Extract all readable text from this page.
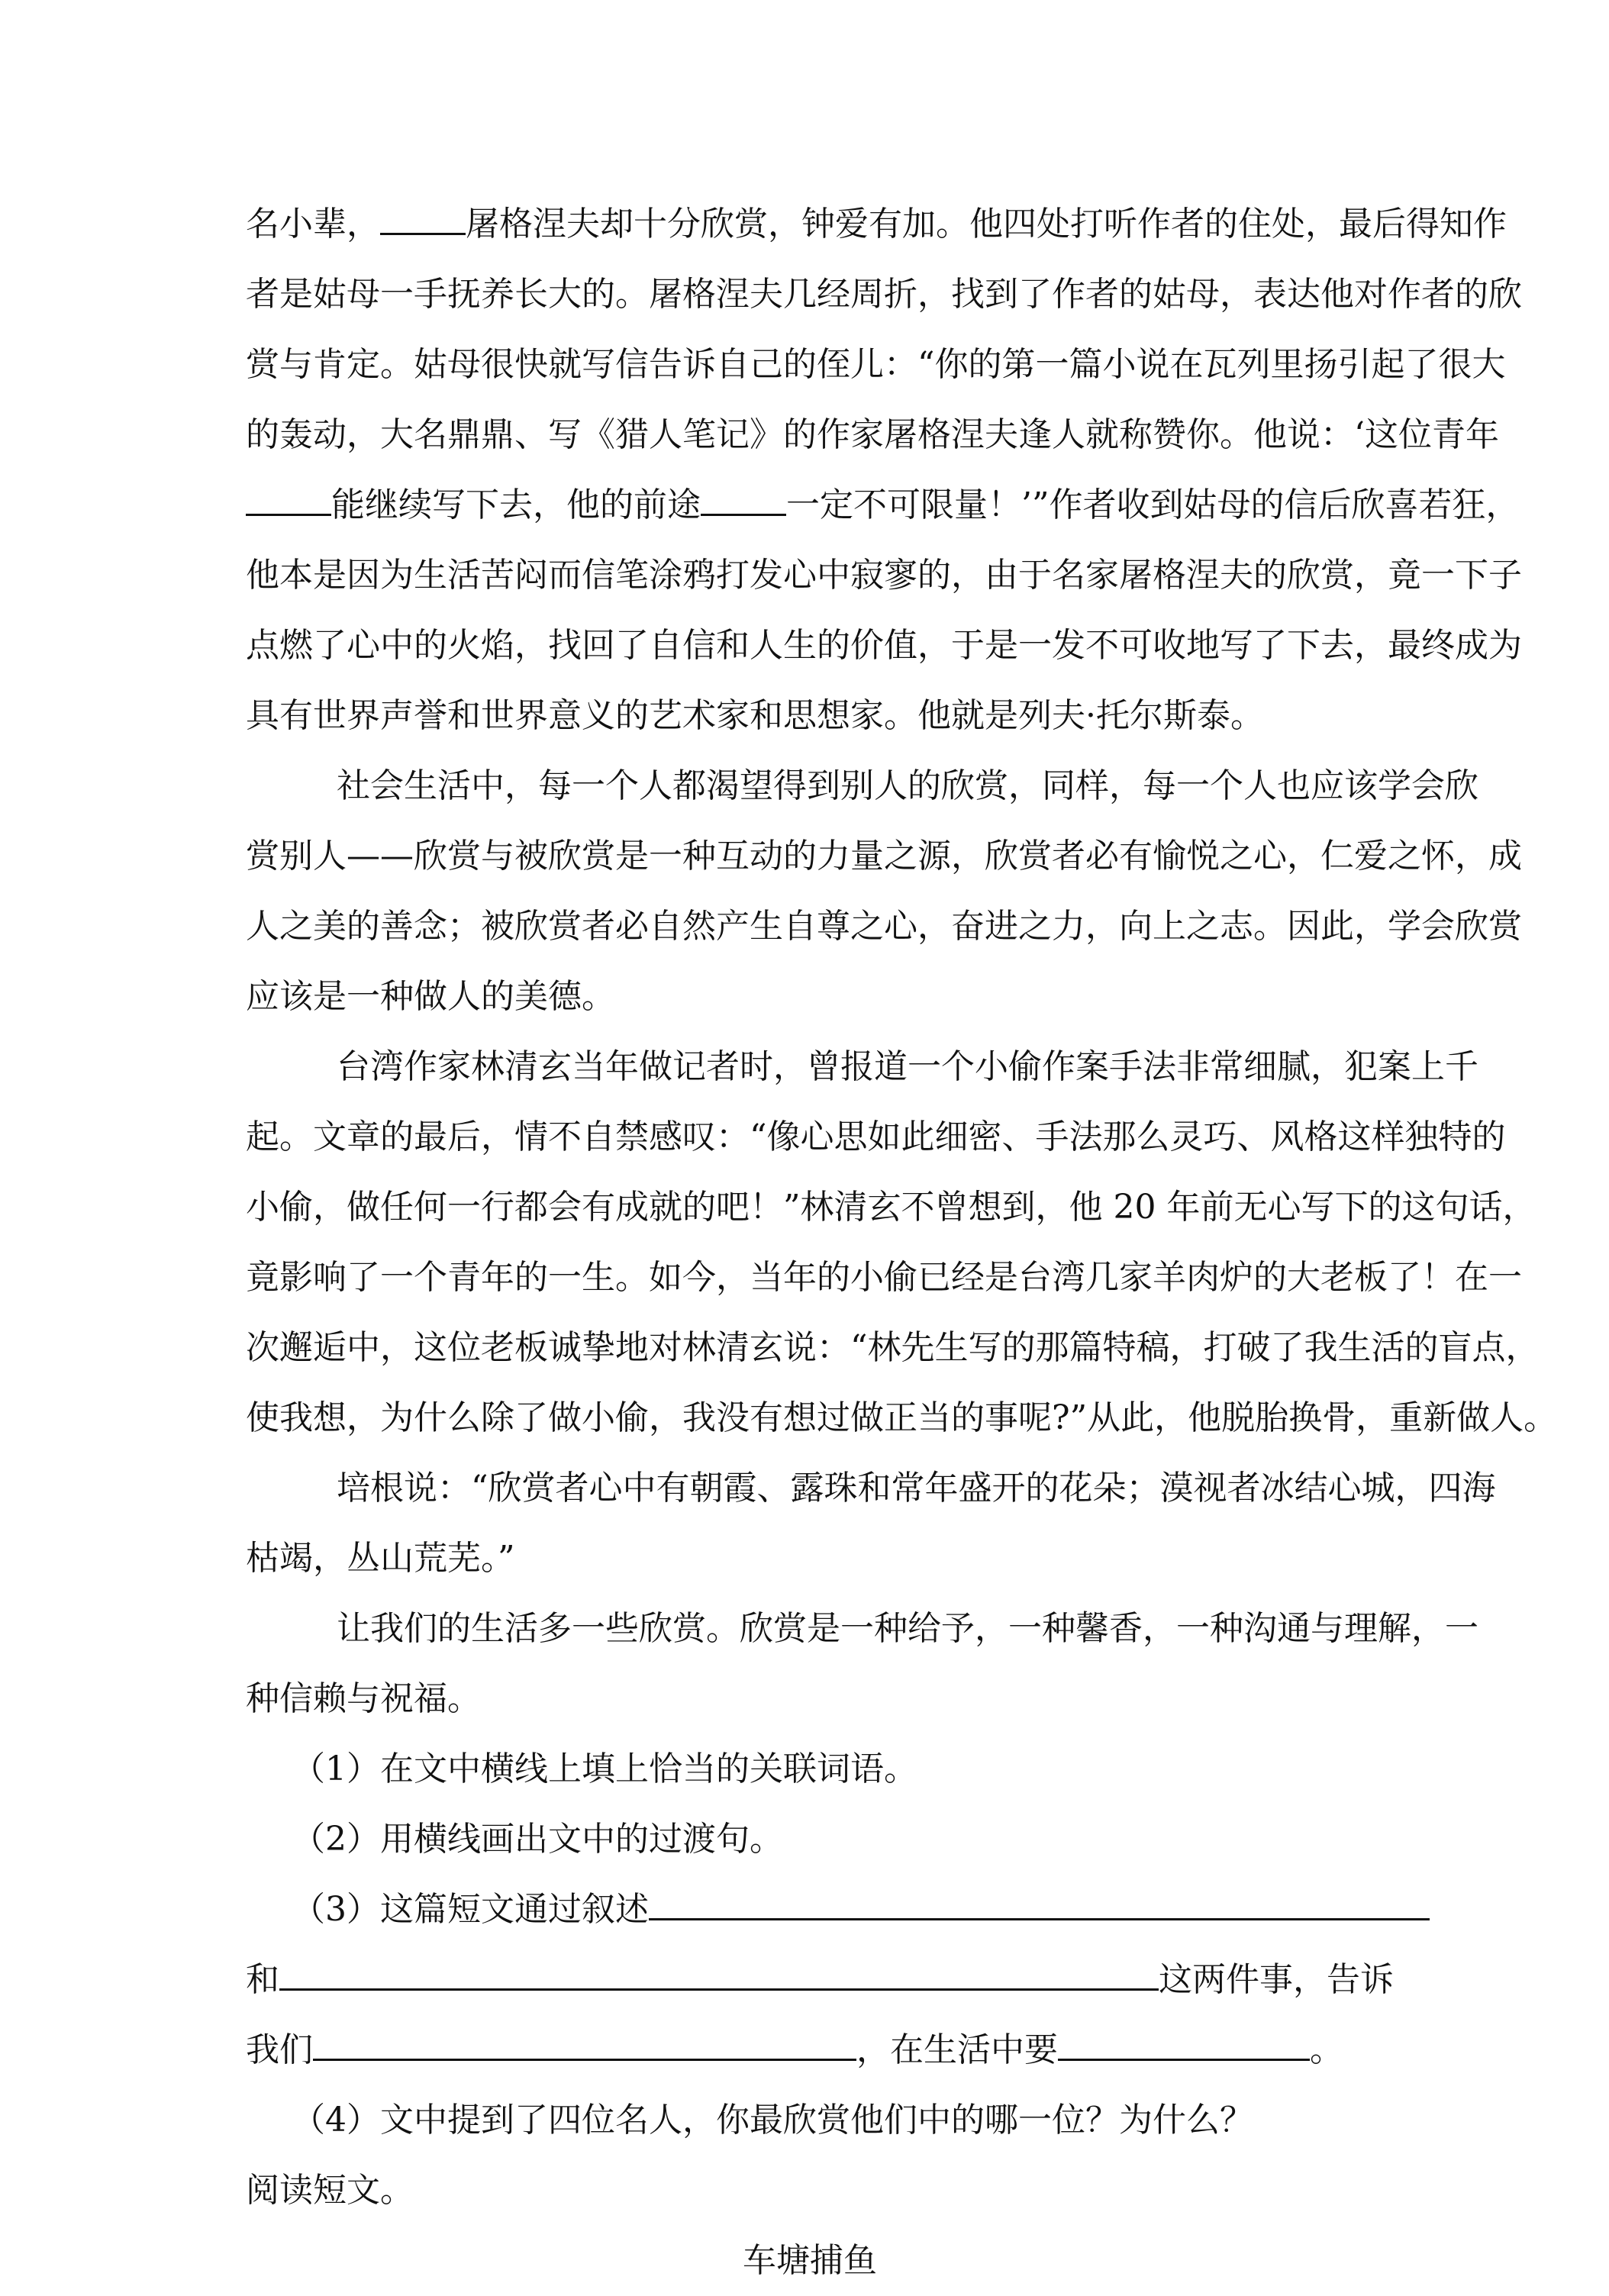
名小辈，	屠格涅夫却十分欣赏，钟爱有加。他四处打听作者的住处，最后得知作
者是姑母一手抚养长大的。屠格涅夫几经周折，找到了作者的姑母，表达他对作者的欣
赏与肯定。姑母很快就写信告诉自己的侄儿：“你的第一篇小说在瓦列里扬引起了很大
的轰动，大名鼎鼎、写《猎人笔记》的作家屠格涅夫逢人就称赞你。他说：‘这位青年
能继续写下去，他的前途	一定不可限量！’”作者收到姑母的信后欣喜若狂，
他本是因为生活苦闷而信笔涂鸦打发心中寂寥的，由于名家屠格涅夫的欣赏，竟一下子
点燃了心中的火焰，找回了自信和人生的价值，于是一发不可收地写了下去，最终成为
具有世界声誉和世界意义的艺术家和思想家。他就是列夫·托尔斯泰。
社会生活中，每一个人都渴望得到别人的欣赏，同样，每一个人也应该学会欣
赏别人——欣赏与被欣赏是一种互动的力量之源，欣赏者必有愉悦之心，仁爱之怀，成
人之美的善念；被欣赏者必自然产生自尊之心，奋进之力，向上之志。因此，学会欣赏
应该是一种做人的美德。
台湾作家林清玄当年做记者时，曾报道一个小偷作案手法非常细腻，犯案上千
起。文章的最后，情不自禁感叹：“像心思如此细密、手法那么灵巧、风格这样独特的
小偷，做任何一行都会有成就的吧！”林清玄不曾想到，他 20 年前无心写下的这句话，
竟影响了一个青年的一生。如今，当年的小偷已经是台湾几家羊肉炉的大老板了！在一
次邂逅中，这位老板诚挚地对林清玄说：“林先生写的那篇特稿，打破了我生活的盲点，
使我想，为什么除了做小偷，我没有想过做正当的事呢?”从此，他脱胎换骨，重新做人。
培根说：“欣赏者心中有朝霞、露珠和常年盛开的花朵；漠视者冰结心城，四海
枯竭，丛山荒芜。”
让我们的生活多一些欣赏。欣赏是一种给予，一种馨香，一种沟通与理解，一
种信赖与祝福。
（1）在文中横线上填上恰当的关联词语。
（2）用横线画出文中的过渡句。
（3）这篇短文通过叙述
和	这两件事，告诉
我们	，在生活中要	。
（4）文中提到了四位名人，你最欣赏他们中的哪一位？为什么？
阅读短文。
车塘捕鱼
